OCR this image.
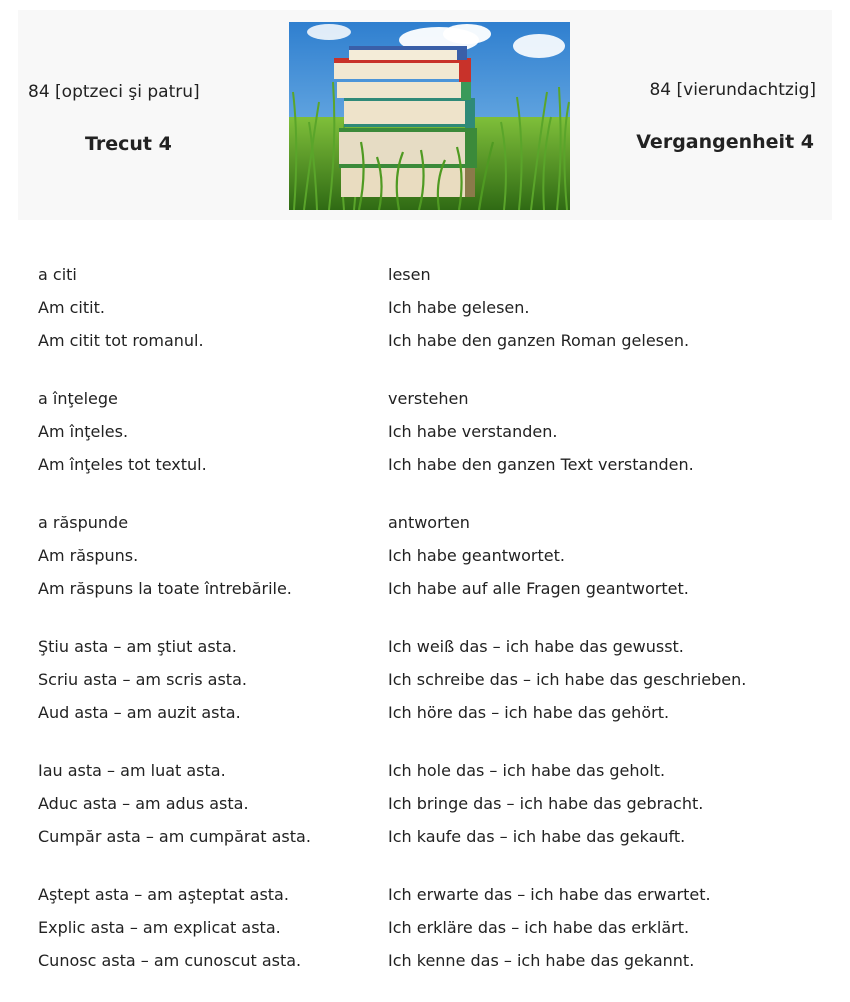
84 [optzeci şi patru]
Trecut 4
84 [vierundachtzig]
Vergangenheit 4
a citi	lesen
Am citit.	Ich habe gelesen.
Am citit tot romanul.	Ich habe den ganzen Roman gelesen.
a înţelege	verstehen
Am înţeles.	Ich habe verstanden.
Am înţeles tot textul.	Ich habe den ganzen Text verstanden.
a răspunde	antworten
Am răspuns.	Ich habe geantwortet.
Am răspuns la toate întrebările.	Ich habe auf alle Fragen geantwortet.
Ştiu asta – am ştiut asta.	Ich weiß das – ich habe das gewusst.
Scriu asta – am scris asta.	Ich schreibe das – ich habe das geschrieben.
Aud asta – am auzit asta.	Ich höre das – ich habe das gehört.
Iau asta – am luat asta.	Ich hole das – ich habe das geholt.
Aduc asta – am adus asta.	Ich bringe das – ich habe das gebracht.
Cumpăr asta – am cumpărat asta.	Ich kaufe das – ich habe das gekauft.
Aştept asta – am aşteptat asta.	Ich erwarte das – ich habe das erwartet.
Explic asta – am explicat asta.	Ich erkläre das – ich habe das erklärt.
Cunosc asta – am cunoscut asta.	Ich kenne das – ich habe das gekannt.
